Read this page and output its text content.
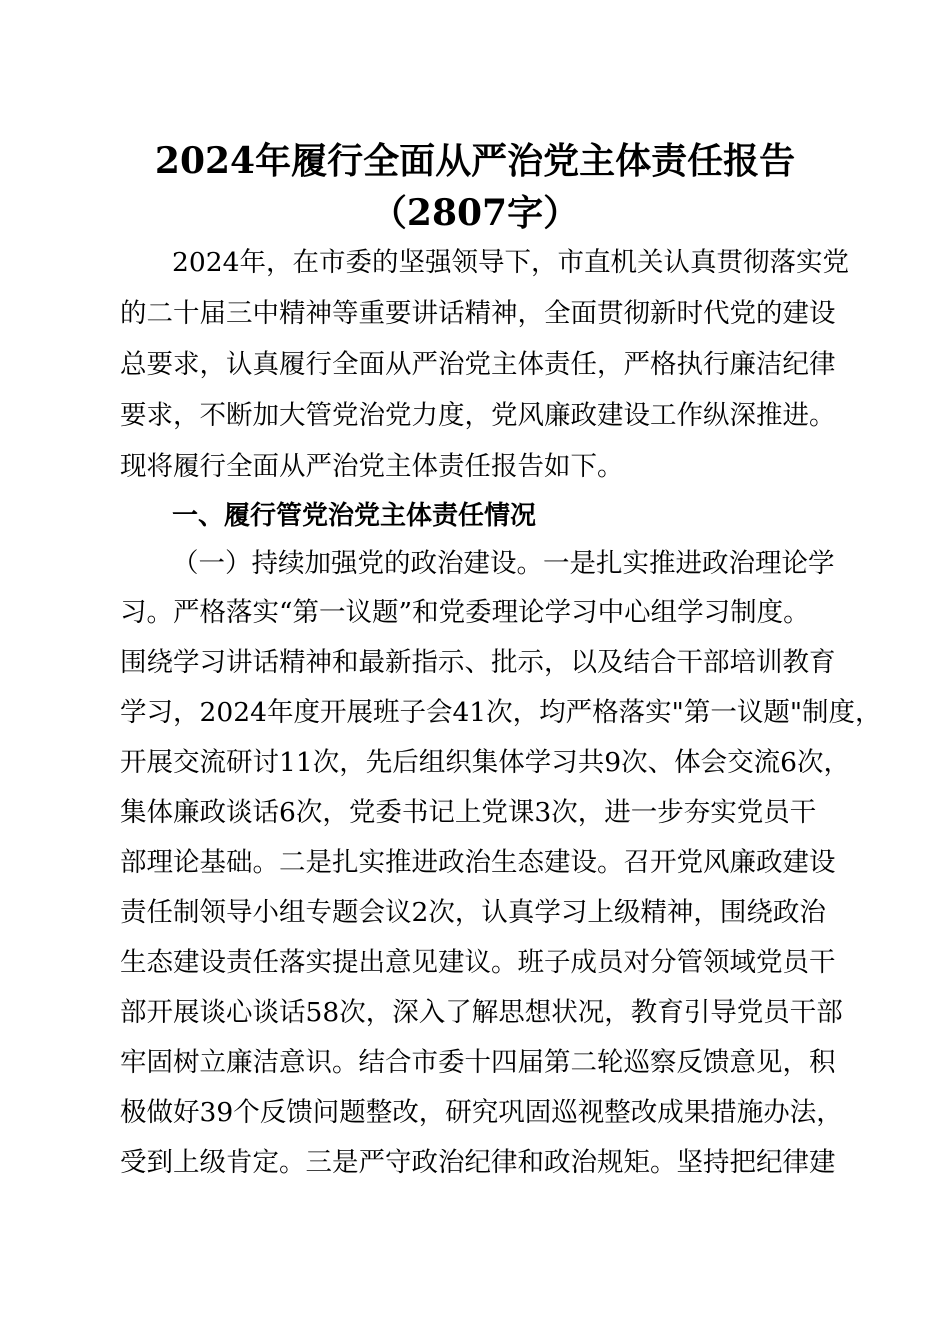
2024年履行全面从严治党主体责任报告
（2807字）
2024年，在市委的坚强领导下，市直机关认真贯彻落实党
的二十届三中精神等重要讲话精神，全面贯彻新时代党的建设
总要求，认真履行全面从严治党主体责任，严格执行廉洁纪律
要求，不断加大管党治党力度，党风廉政建设工作纵深推进。
现将履行全面从严治党主体责任报告如下。
一、履行管党治党主体责任情况
（一）持续加强党的政治建设。一是扎实推进政治理论学
习。严格落实“第一议题”和党委理论学习中心组学习制度。
围绕学习讲话精神和最新指示、批示，以及结合干部培训教育
学习，2024年度开展班子会41次，均严格落实"第一议题"制度，
开展交流研讨11次，先后组织集体学习共9次、体会交流6次，
集体廉政谈话6次，党委书记上党课3次，进一步夯实党员干
部理论基础。二是扎实推进政治生态建设。召开党风廉政建设
责任制领导小组专题会议2次，认真学习上级精神，围绕政治
生态建设责任落实提出意见建议。班子成员对分管领域党员干
部开展谈心谈话58次，深入了解思想状况，教育引导党员干部
牢固树立廉洁意识。结合市委十四届第二轮巡察反馈意见，积
极做好39个反馈问题整改，研究巩固巡视整改成果措施办法，
受到上级肯定。三是严守政治纪律和政治规矩。坚持把纪律建
